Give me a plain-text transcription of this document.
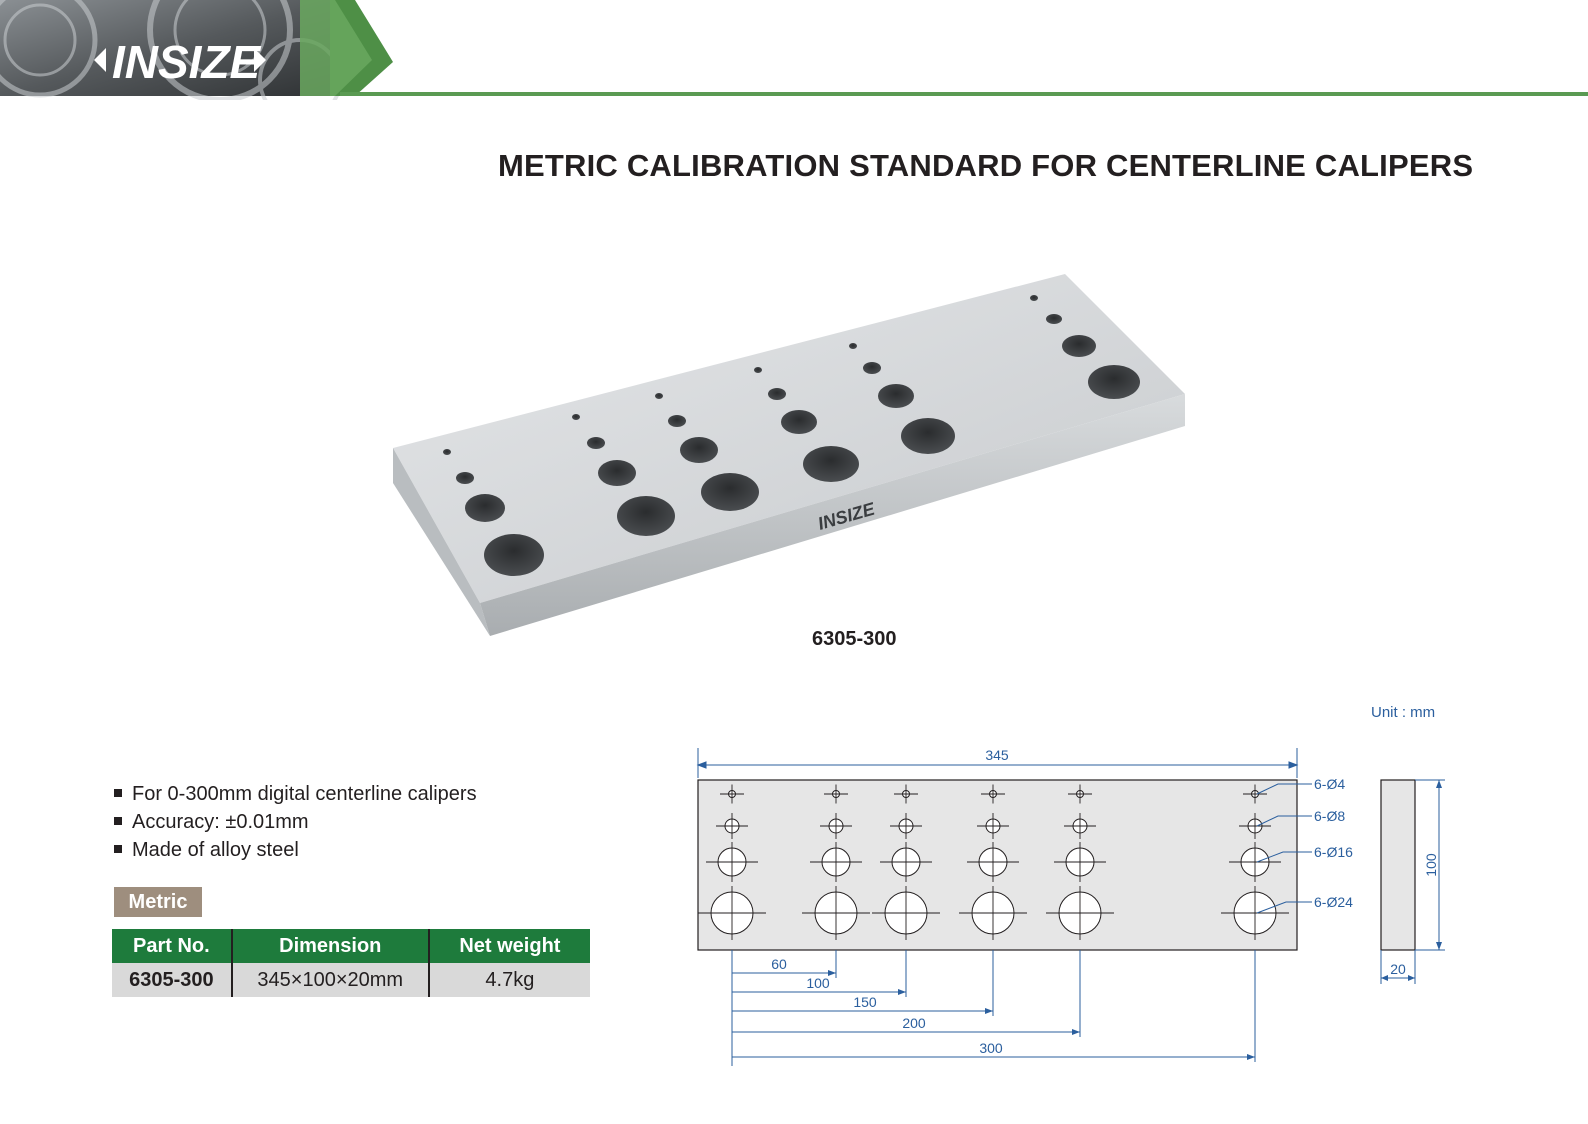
INSIZE
METRIC CALIBRATION STANDARD FOR CENTERLINE CALIPERS
INSIZE
6305-300
For 0-300mm digital centerline calipers
Accuracy: ±0.01mm
Made of alloy steel
Metric
Part No.	Dimension	Net weight
6305-300	345×100×20mm	4.7kg
Unit : mm
345
6-Ø4
6-Ø8
6-Ø16
6-Ø24
60
100
150
200
300
100
20
